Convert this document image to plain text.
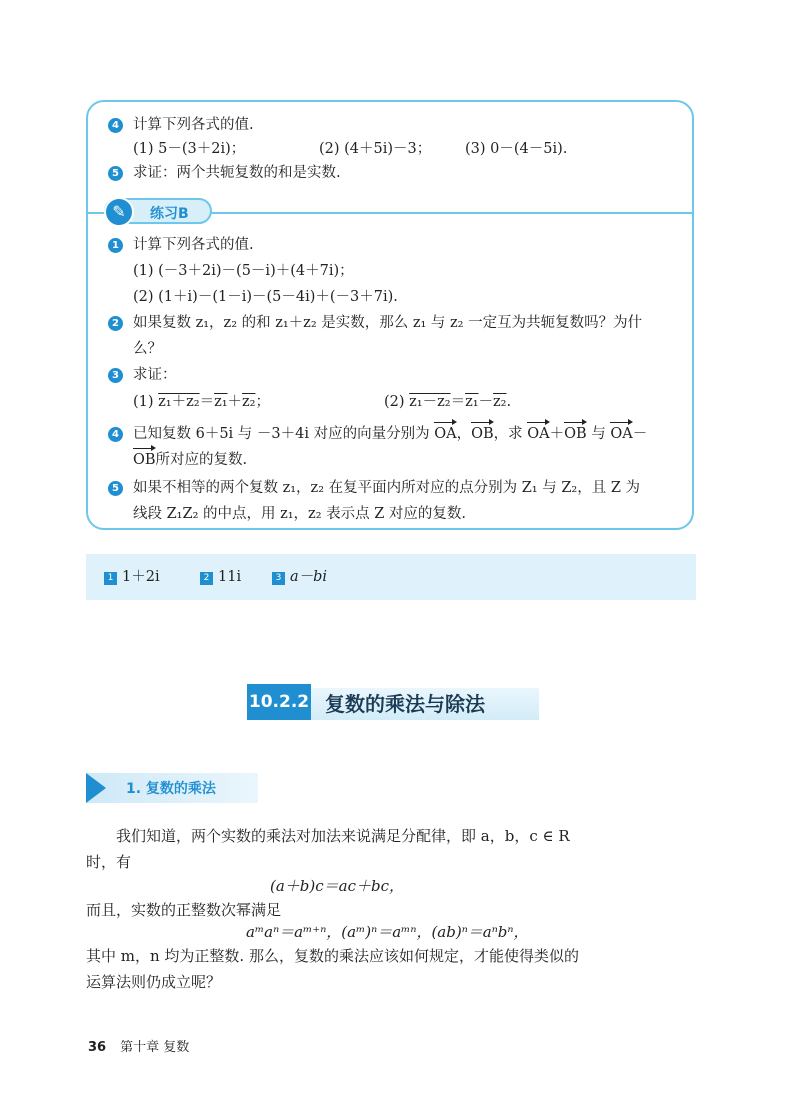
4 计算下列各式的值.
(1) 5－(3＋2i)；	(2) (4＋5i)－3； (3) 0－(4－5i).
5 求证：两个共轭复数的和是实数.
✎	练习B
1 计算下列各式的值.
(1) (－3＋2i)－(5－i)＋(4＋7i)；
(2) (1＋i)－(1－i)－(5－4i)＋(－3＋7i).
2 如果复数 z₁，z₂ 的和 z₁＋z₂ 是实数，那么 z₁ 与 z₂ 一定互为共轭复数吗？为什
么？
3 求证：
(1) z₁＋z₂＝z₁＋z₂；	(2) z₁－z₂＝z₁－z₂.
4 已知复数 6＋5i 与 －3＋4i 对应的向量分别为 OA，OB，求 OA＋OB 与 OA－
OB所对应的复数.
5 如果不相等的两个复数 z₁，z₂ 在复平面内所对应的点分别为 Z₁ 与 Z₂，且 Z 为
线段 Z₁Z₂ 的中点，用 z₁，z₂ 表示点 Z 对应的复数.
1 1＋2i	2 11i	3 a－bi
10.2.2 复数的乘法与除法
1. 复数的乘法
我们知道，两个实数的乘法对加法来说满足分配律，即 a，b，c ∈ R
时，有
(a＋b)c＝ac＋bc，
而且，实数的正整数次幂满足
aᵐaⁿ＝aᵐ⁺ⁿ，(aᵐ)ⁿ＝aᵐⁿ，(ab)ⁿ＝aⁿbⁿ，
其中 m，n 均为正整数. 那么，复数的乘法应该如何规定，才能使得类似的
运算法则仍成立呢？
36 第十章 复数
